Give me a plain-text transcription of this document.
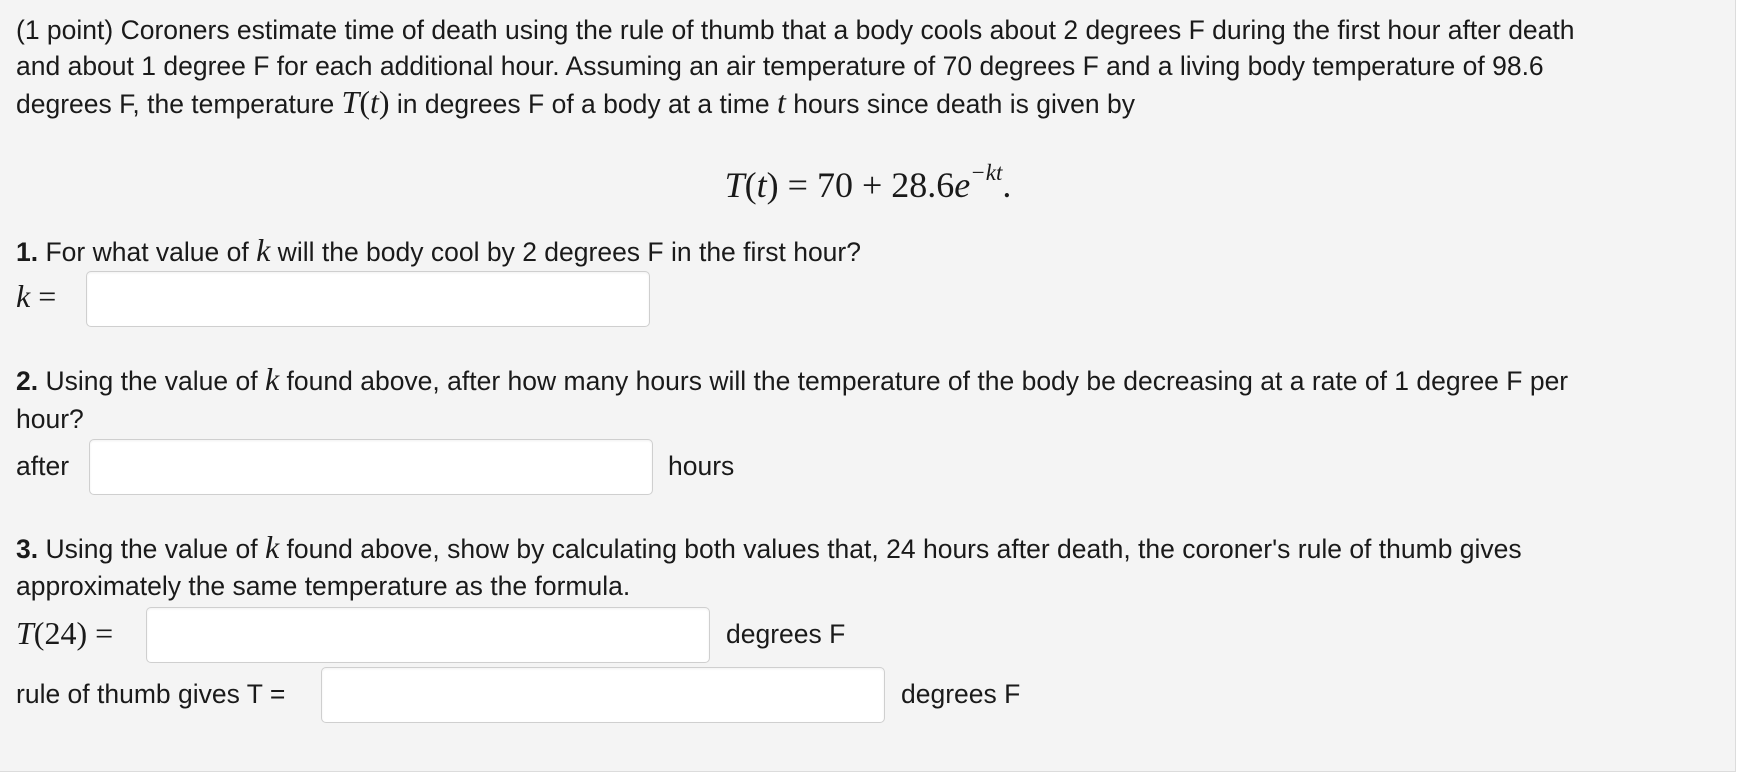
(1 point) Coroners estimate time of death using the rule of thumb that a body cools about 2 degrees F during the first hour after death
and about 1 degree F for each additional hour. Assuming an air temperature of 70 degrees F and a living body temperature of 98.6
degrees F, the temperature T(t) in degrees F of a body at a time t hours since death is given by
$T(t) = 70 + 28.6e^{-kt}$.
1. For what value of k will the body cool by 2 degrees F in the first hour?
k =
2. Using the value of k found above, after how many hours will the temperature of the body be decreasing at a rate of 1 degree F per
hour?
after	hours
3. Using the value of k found above, show by calculating both values that, 24 hours after death, the coroner's rule of thumb gives
approximately the same temperature as the formula.
T(24) =	degrees F
rule of thumb gives T =	degrees F
